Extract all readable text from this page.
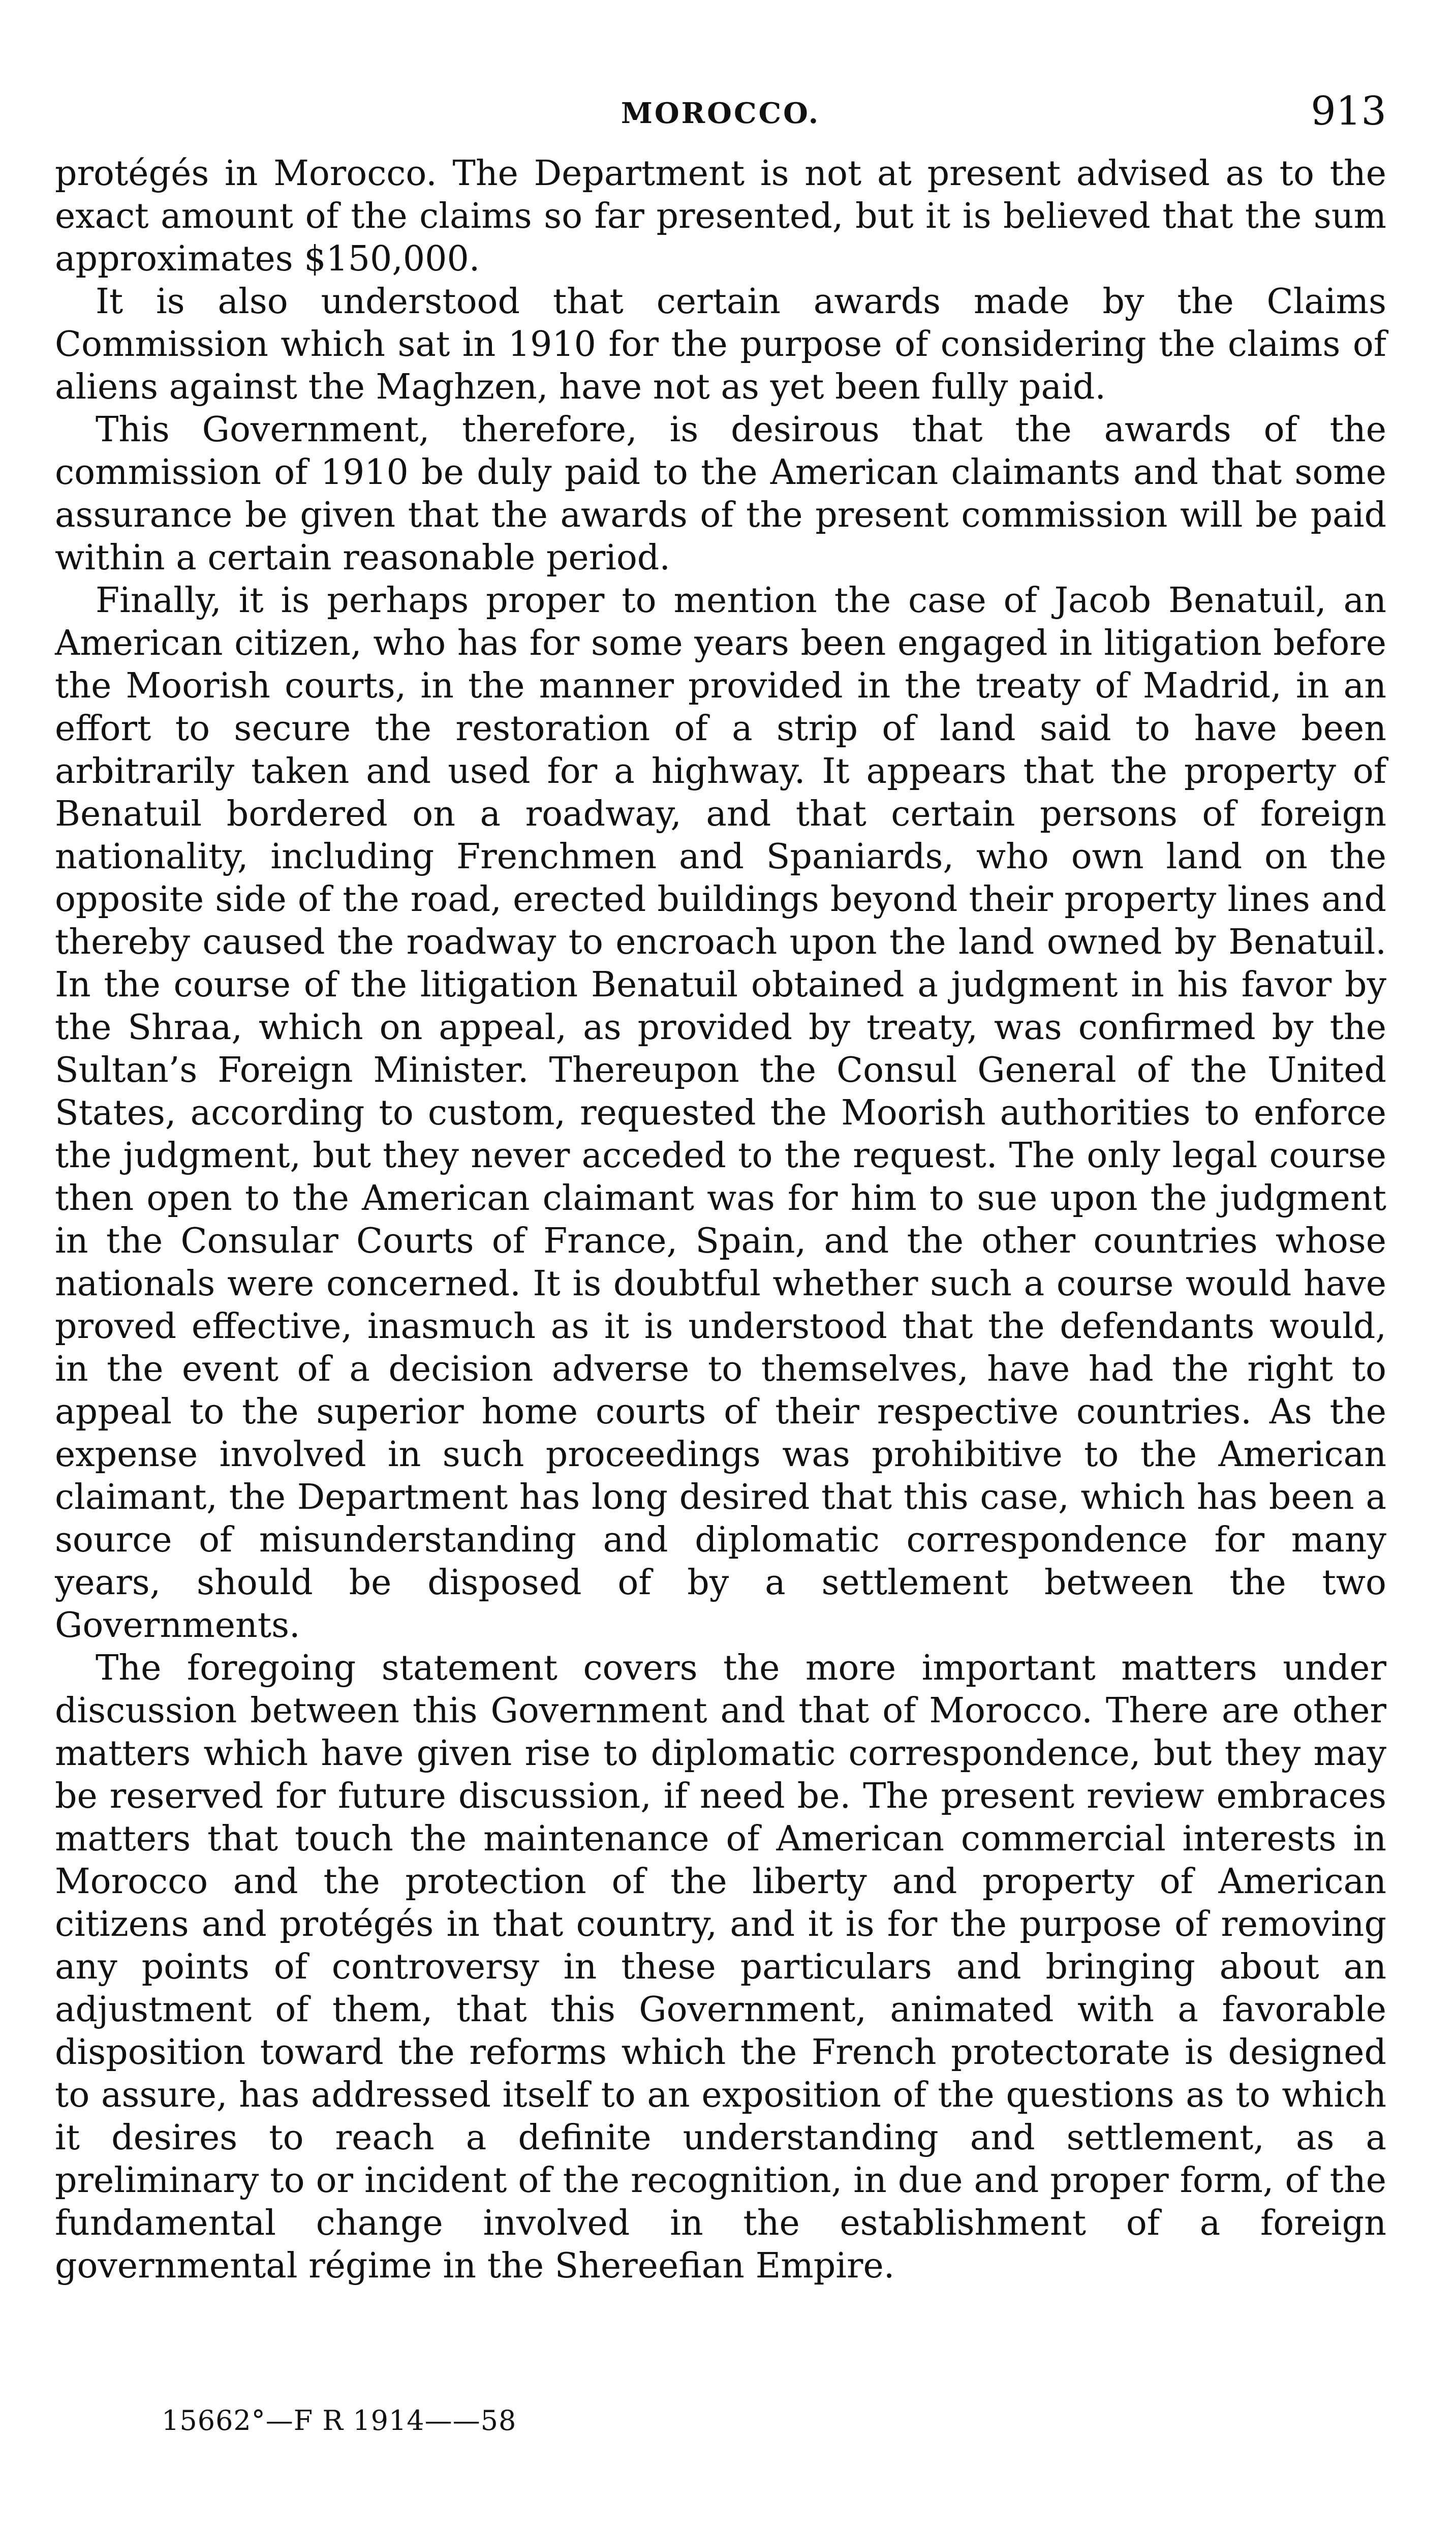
MOROCCO.	913

protégés in Morocco. The Department is not at present advised as to the exact amount of the claims so far presented, but it is believed that the sum approximates $150,000.

It is also understood that certain awards made by the Claims Commission which sat in 1910 for the purpose of considering the claims of aliens against the Maghzen, have not as yet been fully paid.

This Government, therefore, is desirous that the awards of the commission of 1910 be duly paid to the American claimants and that some assurance be given that the awards of the present commission will be paid within a certain reasonable period.

Finally, it is perhaps proper to mention the case of Jacob Benatuil, an American citizen, who has for some years been engaged in litigation before the Moorish courts, in the manner provided in the treaty of Madrid, in an effort to secure the restoration of a strip of land said to have been arbitrarily taken and used for a highway. It appears that the property of Benatuil bordered on a roadway, and that certain persons of foreign nationality, including Frenchmen and Spaniards, who own land on the opposite side of the road, erected buildings beyond their property lines and thereby caused the roadway to encroach upon the land owned by Benatuil. In the course of the litigation Benatuil obtained a judgment in his favor by the Shraa, which on appeal, as provided by treaty, was confirmed by the Sultan’s Foreign Minister. Thereupon the Consul General of the United States, according to custom, requested the Moorish authorities to enforce the judgment, but they never acceded to the request. The only legal course then open to the American claimant was for him to sue upon the judgment in the Consular Courts of France, Spain, and the other countries whose nationals were concerned. It is doubtful whether such a course would have proved effective, inasmuch as it is understood that the defendants would, in the event of a decision adverse to themselves, have had the right to appeal to the superior home courts of their respective countries. As the expense involved in such proceedings was prohibitive to the American claimant, the Department has long desired that this case, which has been a source of misunderstanding and diplomatic correspondence for many years, should be disposed of by a settlement between the two Governments.

The foregoing statement covers the more important matters under discussion between this Government and that of Morocco. There are other matters which have given rise to diplomatic correspondence, but they may be reserved for future discussion, if need be. The present review embraces matters that touch the maintenance of American commercial interests in Morocco and the protection of the liberty and property of American citizens and protégés in that country, and it is for the purpose of removing any points of controversy in these particulars and bringing about an adjustment of them, that this Government, animated with a favorable disposition toward the reforms which the French protectorate is designed to assure, has addressed itself to an exposition of the questions as to which it desires to reach a definite understanding and settlement, as a preliminary to or incident of the recognition, in due and proper form, of the fundamental change involved in the establishment of a foreign governmental régime in the Shereefian Empire.

15662°—F R 1914——58
